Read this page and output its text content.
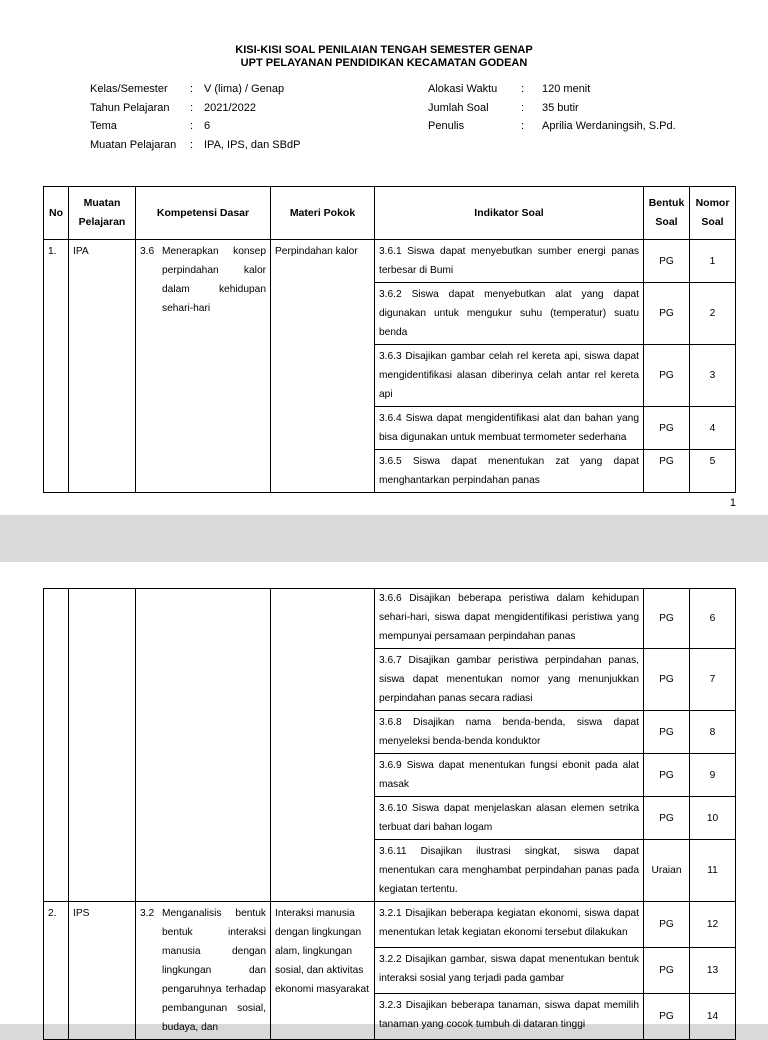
KISI-KISI SOAL PENILAIAN TENGAH SEMESTER GENAP
UPT PELAYANAN PENDIDIKAN KECAMATAN GODEAN
Kelas/Semester : V (lima) / Genap
Tahun Pelajaran : 2021/2022
Tema	: 6
Muatan Pelajaran : IPA, IPS, dan SBdP
Alokasi Waktu : 120 menit
Jumlah Soal	: 35 butir
Penulis	: Aprilia Werdaningsih, S.Pd.
No	Muatan Pelajaran	Kompetensi Dasar	Materi Pokok	Indikator Soal	Bentuk Soal	Nomor Soal
1.	IPA	3.6 Menerapkan konsep perpindahan kalor dalam kehidupan sehari-hari	Perpindahan kalor	3.6.1 Siswa dapat menyebutkan sumber energi panas terbesar di Bumi	PG	1
				3.6.2 Siswa dapat menyebutkan alat yang dapat digunakan untuk mengukur suhu (temperatur) suatu benda	PG	2
				3.6.3 Disajikan gambar celah rel kereta api, siswa dapat mengidentifikasi alasan diberinya celah antar rel kereta api	PG	3
				3.6.4 Siswa dapat mengidentifikasi alat dan bahan yang bisa digunakan untuk membuat termometer sederhana	PG	4
				3.6.5 Siswa dapat menentukan zat yang dapat menghantarkan perpindahan panas	PG	5
1
				3.6.6 Disajikan beberapa peristiwa dalam kehidupan sehari-hari, siswa dapat mengidentifikasi peristiwa yang mempunyai persamaan perpindahan panas	PG	6
				3.6.7 Disajikan gambar peristiwa perpindahan panas, siswa dapat menentukan nomor yang menunjukkan perpindahan panas secara radiasi	PG	7
				3.6.8 Disajikan nama benda-benda, siswa dapat menyeleksi benda-benda konduktor	PG	8
				3.6.9 Siswa dapat menentukan fungsi ebonit pada alat masak	PG	9
				3.6.10 Siswa dapat menjelaskan alasan elemen setrika terbuat dari bahan logam	PG	10
				3.6.11 Disajikan ilustrasi singkat, siswa dapat menentukan cara menghambat perpindahan panas pada kegiatan tertentu.	Uraian	11
2.	IPS	3.2 Menganalisis bentuk bentuk interaksi manusia dengan lingkungan dan pengaruhnya terhadap pembangunan sosial, budaya, dan	Interaksi manusia dengan lingkungan alam, lingkungan sosial, dan aktivitas ekonomi masyarakat	3.2.1 Disajikan beberapa kegiatan ekonomi, siswa dapat menentukan letak kegiatan ekonomi tersebut dilakukan	PG	12
				3.2.2 Disajikan gambar, siswa dapat menentukan bentuk interaksi sosial yang terjadi pada gambar	PG	13
				3.2.3 Disajikan beberapa tanaman, siswa dapat memilih tanaman yang cocok tumbuh di dataran tinggi	PG	14
